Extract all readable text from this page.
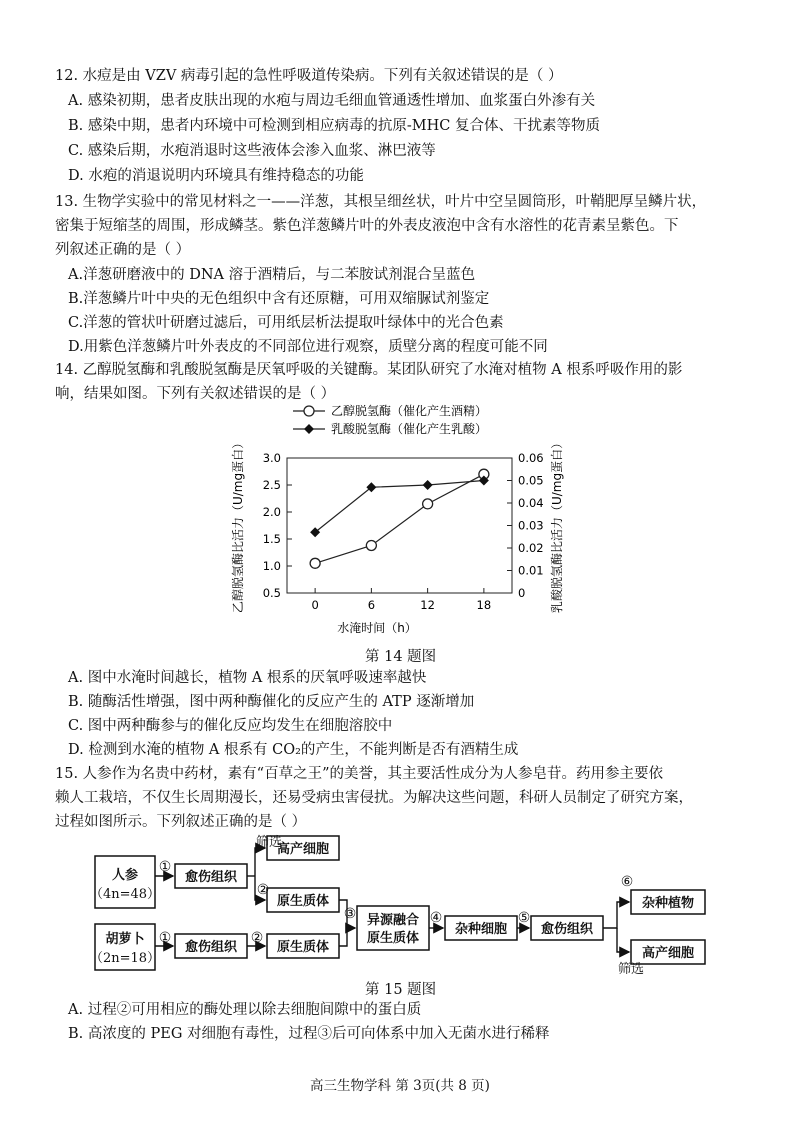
12. 水痘是由 VZV 病毒引起的急性呼吸道传染病。下列有关叙述错误的是（ ）
A. 感染初期，患者皮肤出现的水疱与周边毛细血管通透性增加、血浆蛋白外渗有关
B. 感染中期，患者内环境中可检测到相应病毒的抗原-MHC 复合体、干扰素等物质
C. 感染后期，水疱消退时这些液体会渗入血浆、淋巴液等
D. 水疱的消退说明内环境具有维持稳态的功能
13. 生物学实验中的常见材料之一——洋葱，其根呈细丝状，叶片中空呈圆筒形，叶鞘肥厚呈鳞片状，
密集于短缩茎的周围，形成鳞茎。紫色洋葱鳞片叶的外表皮液泡中含有水溶性的花青素呈紫色。下
列叙述正确的是（ ）
A.洋葱研磨液中的 DNA 溶于酒精后，与二苯胺试剂混合呈蓝色
B.洋葱鳞片叶中央的无色组织中含有还原糖，可用双缩脲试剂鉴定
C.洋葱的管状叶研磨过滤后，可用纸层析法提取叶绿体中的光合色素
D.用紫色洋葱鳞片叶外表皮的不同部位进行观察，质壁分离的程度可能不同
14. 乙醇脱氢酶和乳酸脱氢酶是厌氧呼吸的关键酶。某团队研究了水淹对植物 A 根系呼吸作用的影
响，结果如图。下列有关叙述错误的是（ ）
乙醇脱氢酶（催化产生酒精）
乳酸脱氢酶（催化产生乳酸）
0.5
1.0
1.5
2.0
2.5
3.0
0
0.01
0.02
0.03
0.04
0.05
0.06
0	6	12	18
乙醇脱氢酶比活力（U/mg蛋白）	乳酸脱氢酶比活力（U/mg蛋白）
水淹时间（h）
第 14 题图
A. 图中水淹时间越长，植物 A 根系的厌氧呼吸速率越快
B. 随酶活性增强，图中两种酶催化的反应产生的 ATP 逐渐增加
C. 图中两种酶参与的催化反应均发生在细胞溶胶中
D. 检测到水淹的植物 A 根系有 CO₂的产生，不能判断是否有酒精生成
15. 人参作为名贵中药材，素有“百草之王”的美誉，其主要活性成分为人参皂苷。药用参主要依
赖人工栽培，不仅生长周期漫长，还易受病虫害侵扰。为解决这些问题，科研人员制定了研究方案，
过程如图所示。下列叙述正确的是（ ）
人参
（4n=48）
胡萝卜
（2n=18）
愈伤组织
愈伤组织
高产细胞
原生质体
原生质体
异源融合
原生质体
杂种细胞	愈伤组织
杂种植物
高产细胞
筛选
筛选
①
①
②
②
③	④	⑤
⑥
第 15 题图
A. 过程②可用相应的酶处理以除去细胞间隙中的蛋白质
B. 高浓度的 PEG 对细胞有毒性，过程③后可向体系中加入无菌水进行稀释
高三生物学科 第 3页(共 8 页)
